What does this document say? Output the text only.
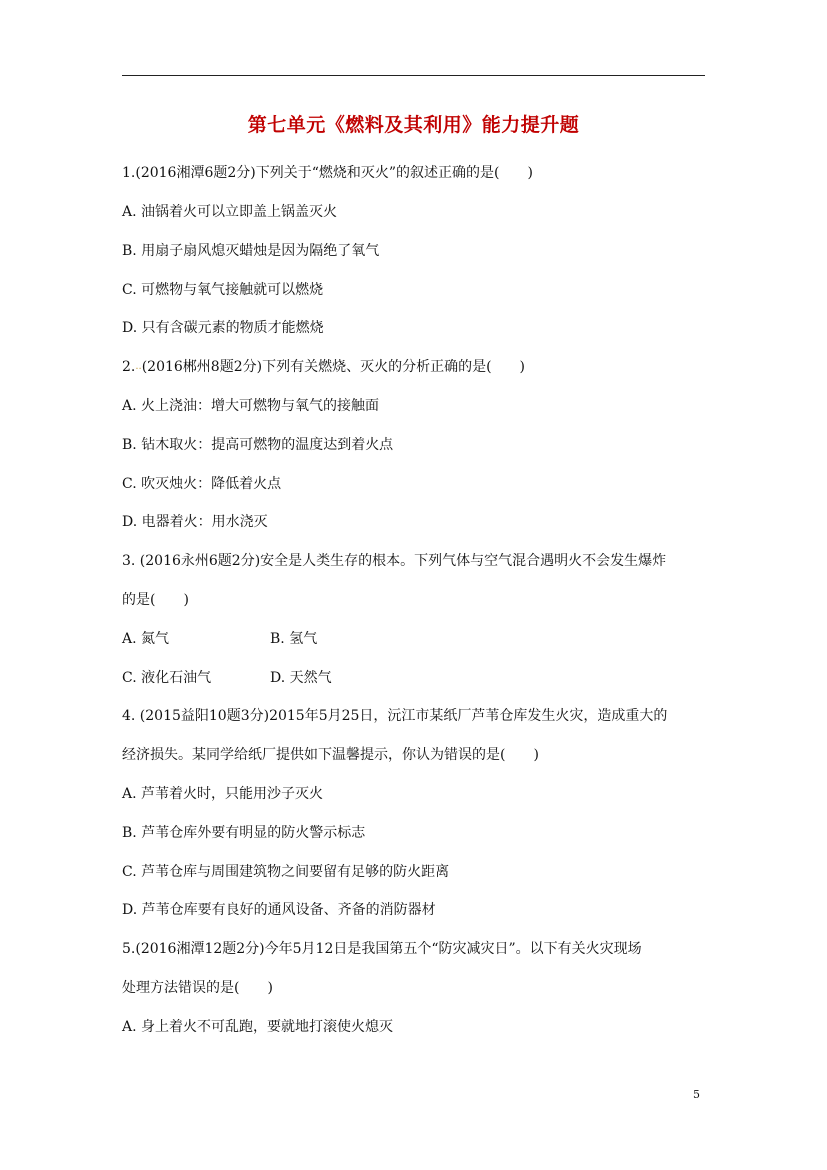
第七单元《燃料及其利用》能力提升题
1.(2016湘潭6题2分)下列关于“燃烧和灭火”的叙述正确的是(　　)
A. 油锅着火可以立即盖上锅盖灭火
B. 用扇子扇风熄灭蜡烛是因为隔绝了氧气
C. 可燃物与氧气接触就可以燃烧
D. 只有含碳元素的物质才能燃烧
2...(2016郴州8题2分)下列有关燃烧、灭火的分析正确的是(　　)
A. 火上浇油：增大可燃物与氧气的接触面
B. 钻木取火：提高可燃物的温度达到着火点
C. 吹灭烛火：降低着火点
D. 电器着火：用水浇灭
3. (2016永州6题2分)安全是人类生存的根本。下列气体与空气混合遇明火不会发生爆炸
的是(　　)
A. 氮气	B. 氢气
C. 液化石油气	D. 天然气
4. (2015益阳10题3分)2015年5月25日，沅江市某纸厂芦苇仓库发生火灾，造成重大的
经济损失。某同学给纸厂提供如下温馨提示，你认为错误的是(　　)
A. 芦苇着火时，只能用沙子灭火
B. 芦苇仓库外要有明显的防火警示标志
C. 芦苇仓库与周围建筑物之间要留有足够的防火距离
D. 芦苇仓库要有良好的通风设备、齐备的消防器材
5.(2016湘潭12题2分)今年5月12日是我国第五个“防灾减灾日”。以下有关火灾现场
处理方法错误的是(　　)
A. 身上着火不可乱跑，要就地打滚使火熄灭
5
